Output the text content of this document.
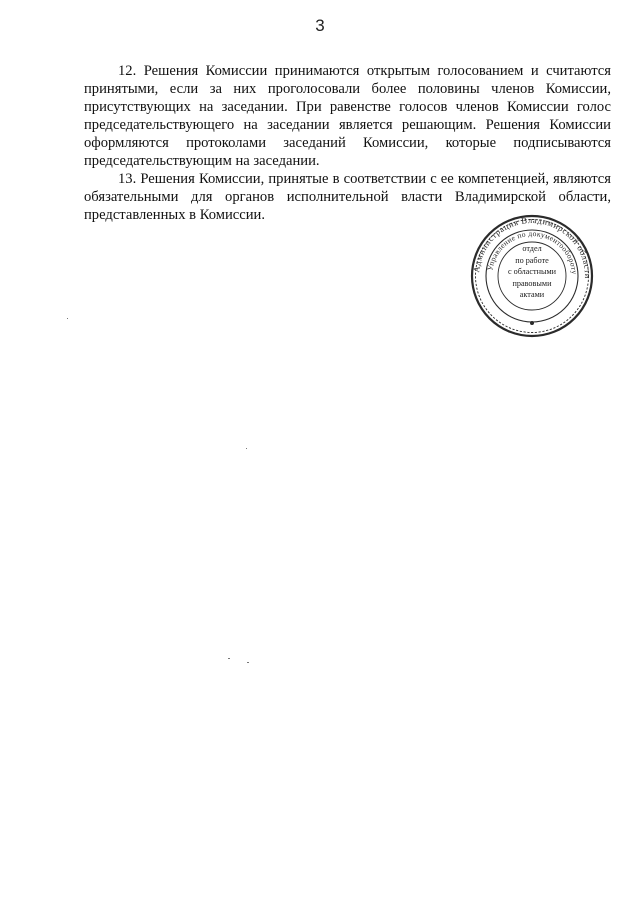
3

12. Решения Комиссии принимаются открытым голосованием и считаются принятыми, если за них проголосовали более половины членов Комиссии, присутствующих на заседании. При равенстве голосов членов Комиссии голос председательствующего на заседании является решающим. Решения Комиссии оформляются протоколами заседаний Комиссии, которые подписываются председательствующим на заседании.

13. Решения Комиссии, принятые в соответствии с ее компетенцией, являются обязательными для органов исполнительной власти Владимирской области, представленных в Комиссии.

Администрация Владимирской области
Управление по документообороту
отдел
по работе
с областными
правовыми
актами
